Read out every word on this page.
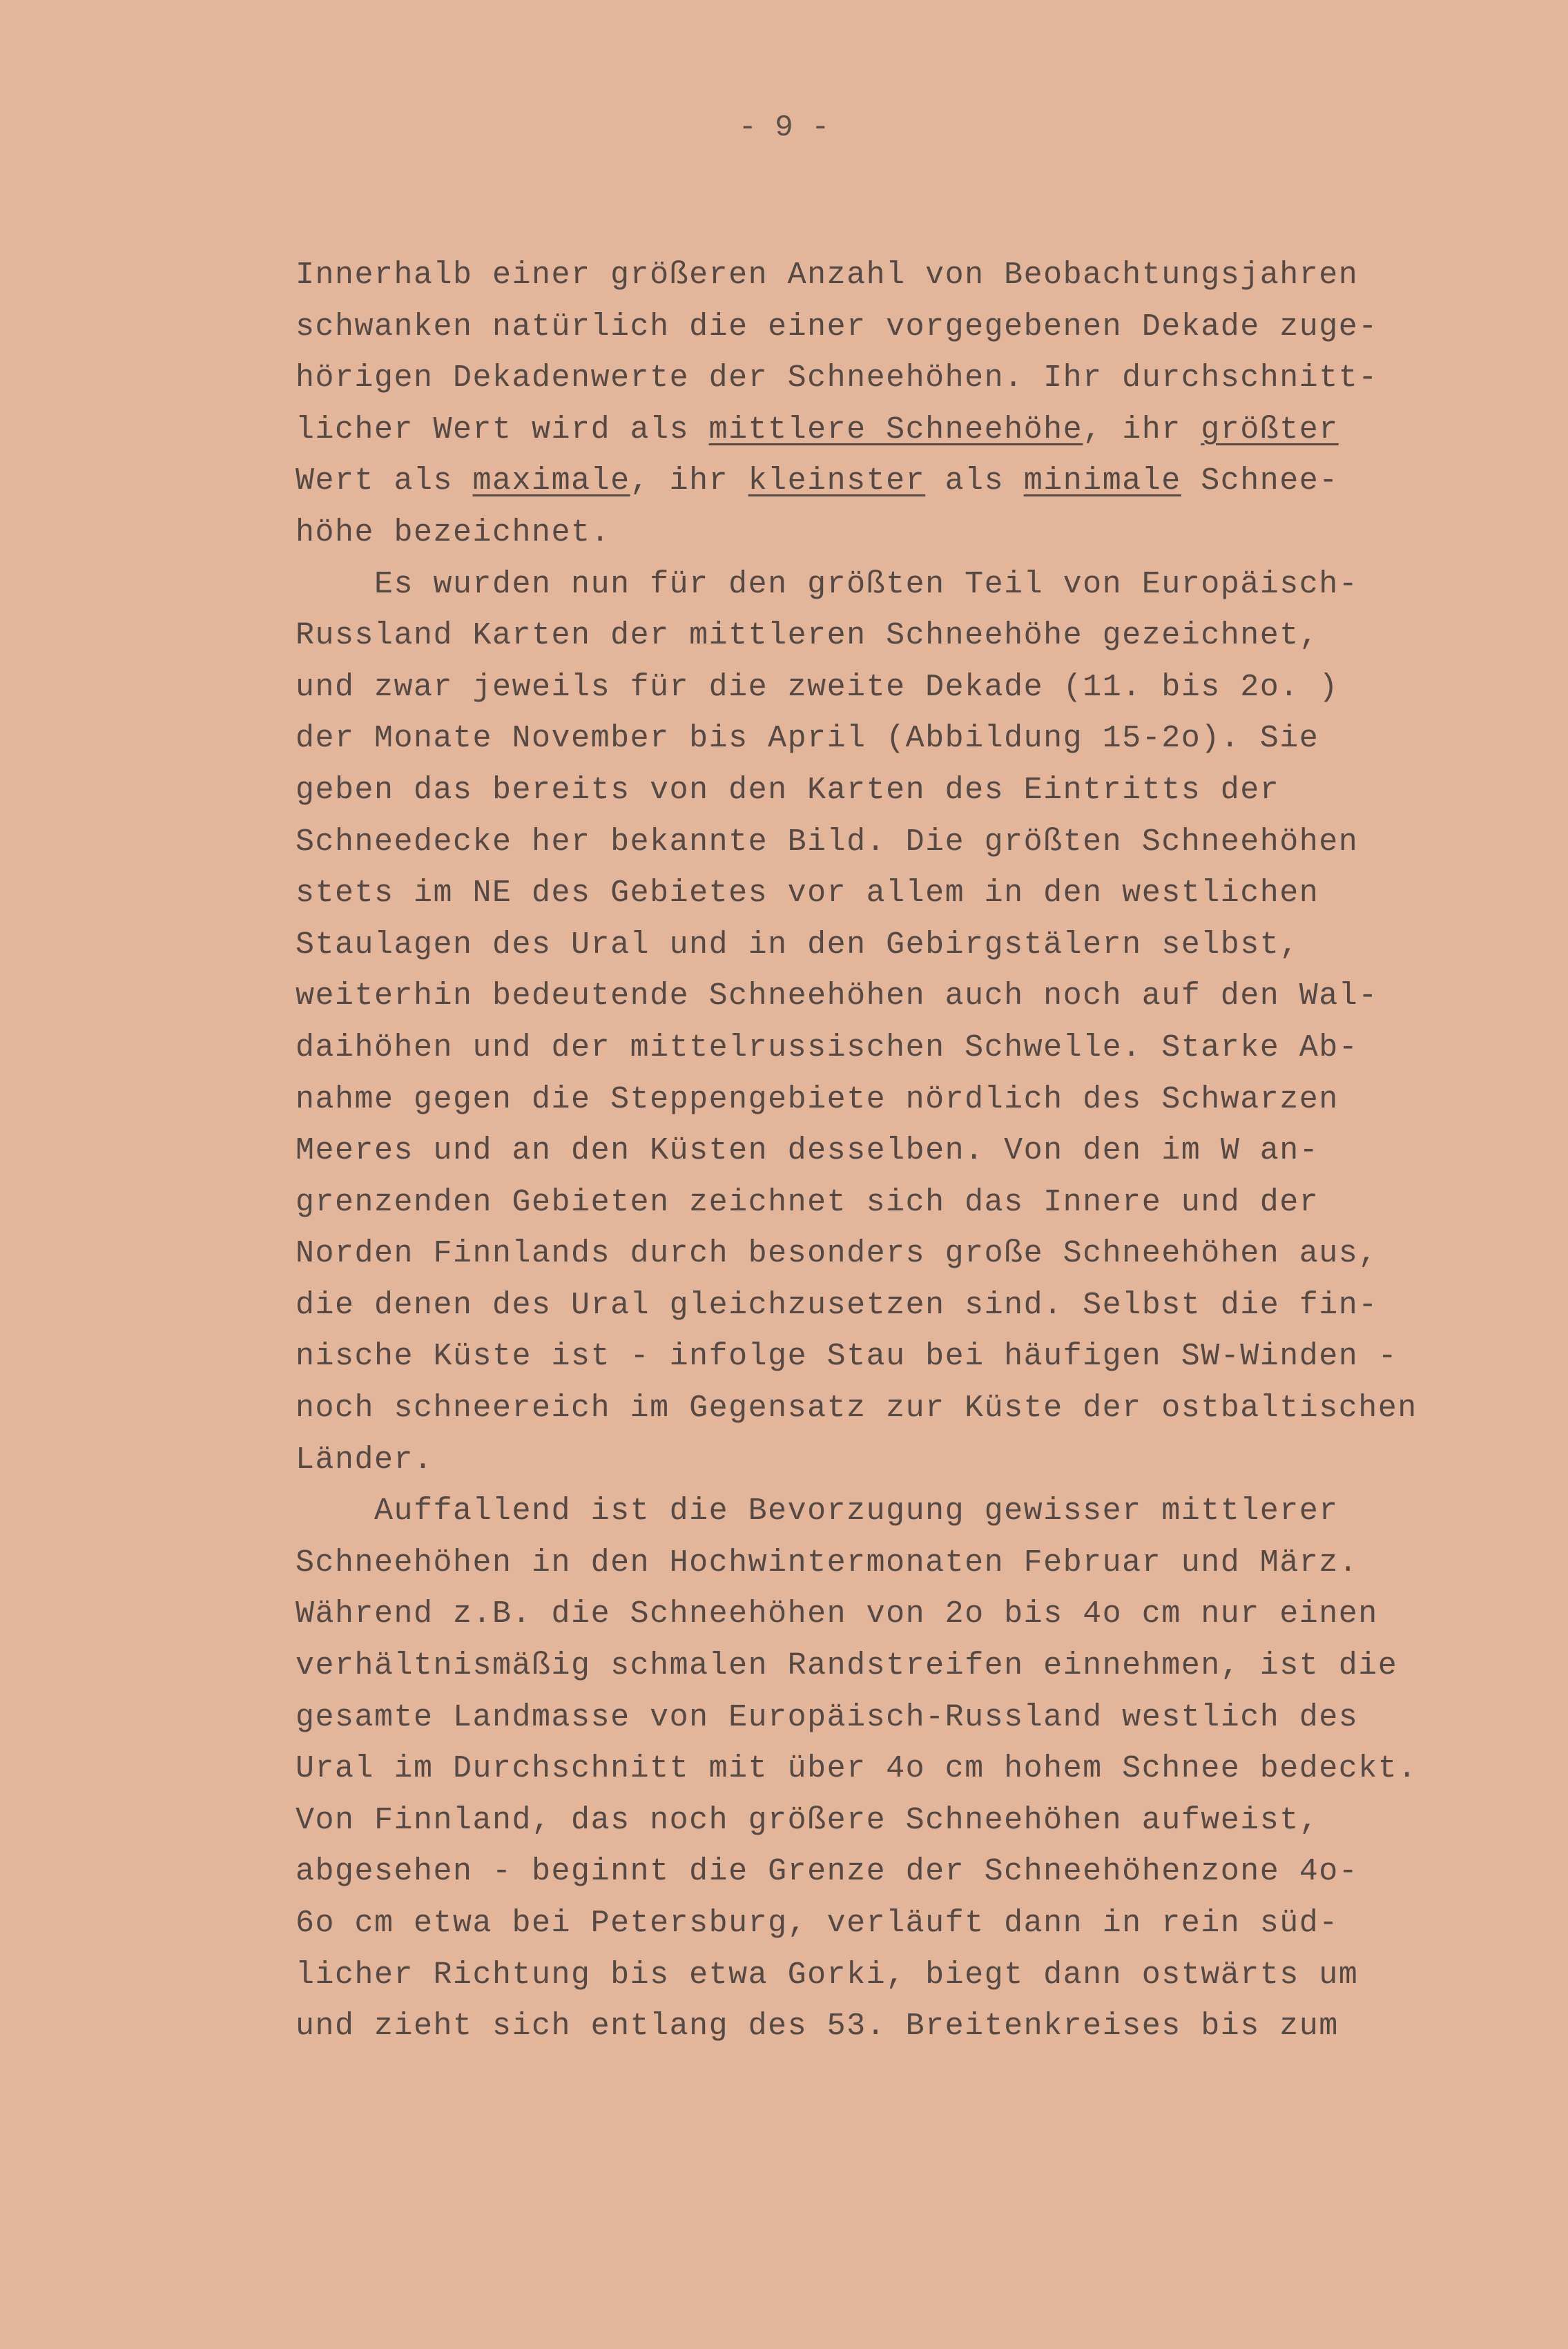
- 9 -
Innerhalb einer größeren Anzahl von Beobachtungsjahren
schwanken natürlich die einer vorgegebenen Dekade zuge-
hörigen Dekadenwerte der Schneehöhen. Ihr durchschnitt-
licher Wert wird als mittlere Schneehöhe, ihr größter
Wert als maximale, ihr kleinster als minimale Schnee-
höhe bezeichnet.
Es wurden nun für den größten Teil von Europäisch-
Russland Karten der mittleren Schneehöhe gezeichnet,
und zwar jeweils für die zweite Dekade (11. bis 2o. )
der Monate November bis April (Abbildung 15-2o). Sie
geben das bereits von den Karten des Eintritts der
Schneedecke her bekannte Bild. Die größten Schneehöhen
stets im NE des Gebietes vor allem in den westlichen
Staulagen des Ural und in den Gebirgstälern selbst,
weiterhin bedeutende Schneehöhen auch noch auf den Wal-
daihöhen und der mittelrussischen Schwelle. Starke Ab-
nahme gegen die Steppengebiete nördlich des Schwarzen
Meeres und an den Küsten desselben. Von den im W an-
grenzenden Gebieten zeichnet sich das Innere und der
Norden Finnlands durch besonders große Schneehöhen aus,
die denen des Ural gleichzusetzen sind. Selbst die fin-
nische Küste ist - infolge Stau bei häufigen SW-Winden -
noch schneereich im Gegensatz zur Küste der ostbaltischen
Länder.
Auffallend ist die Bevorzugung gewisser mittlerer
Schneehöhen in den Hochwintermonaten Februar und März.
Während z.B. die Schneehöhen von 2o bis 4o cm nur einen
verhältnismäßig schmalen Randstreifen einnehmen, ist die
gesamte Landmasse von Europäisch-Russland westlich des
Ural im Durchschnitt mit über 4o cm hohem Schnee bedeckt.
Von Finnland, das noch größere Schneehöhen aufweist,
abgesehen - beginnt die Grenze der Schneehöhenzone 4o-
6o cm etwa bei Petersburg, verläuft dann in rein süd-
licher Richtung bis etwa Gorki, biegt dann ostwärts um
und zieht sich entlang des 53. Breitenkreises bis zum
